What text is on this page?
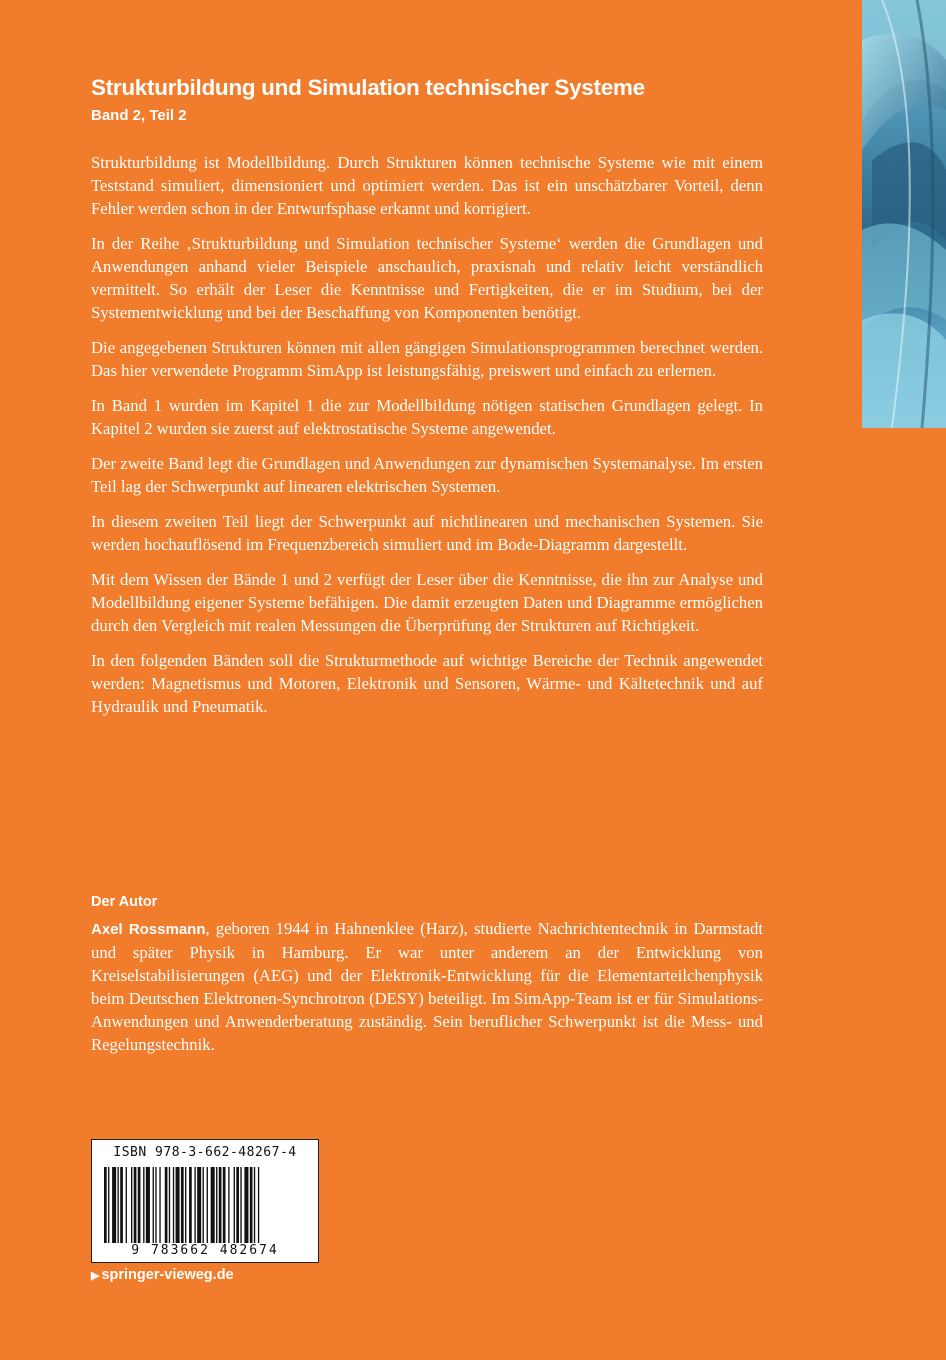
Strukturbildung und Simulation technischer Systeme
Band 2, Teil 2

Strukturbildung ist Modellbildung. Durch Strukturen können technische Systeme wie mit einem Teststand simuliert, dimensioniert und optimiert werden. Das ist ein unschätzbarer Vorteil, denn Fehler werden schon in der Entwurfsphase erkannt und korrigiert.

In der Reihe ‚Strukturbildung und Simulation technischer Systeme‘ werden die Grundlagen und Anwendungen anhand vieler Beispiele anschaulich, praxisnah und relativ leicht verständlich vermittelt. So erhält der Leser die Kenntnisse und Fertigkeiten, die er im Studium, bei der Systementwicklung und bei der Beschaffung von Komponenten benötigt.

Die angegebenen Strukturen können mit allen gängigen Simulationsprogrammen berechnet werden. Das hier verwendete Programm SimApp ist leistungsfähig, preiswert und einfach zu erlernen.

In Band 1 wurden im Kapitel 1 die zur Modellbildung nötigen statischen Grundlagen gelegt. In Kapitel 2 wurden sie zuerst auf elektrostatische Systeme angewendet.

Der zweite Band legt die Grundlagen und Anwendungen zur dynamischen Systemanalyse. Im ersten Teil lag der Schwerpunkt auf linearen elektrischen Systemen.

In diesem zweiten Teil liegt der Schwerpunkt auf nichtlinearen und mechanischen Systemen. Sie werden hochauflösend im Frequenzbereich simuliert und im Bode-Diagramm dargestellt.

Mit dem Wissen der Bände 1 und 2 verfügt der Leser über die Kenntnisse, die ihn zur Analyse und Modellbildung eigener Systeme befähigen. Die damit erzeugten Daten und Diagramme ermöglichen durch den Vergleich mit realen Messungen die Überprüfung der Strukturen auf Richtigkeit.

In den folgenden Bänden soll die Strukturmethode auf wichtige Bereiche der Technik angewendet werden: Magnetismus und Motoren, Elektronik und Sensoren, Wärme- und Kältetechnik und auf Hydraulik und Pneumatik.

Der Autor

Axel Rossmann, geboren 1944 in Hahnenklee (Harz), studierte Nachrichtentechnik in Darmstadt und später Physik in Hamburg. Er war unter anderem an der Entwicklung von Kreiselstabilisierungen (AEG) und der Elektronik-Entwicklung für die Elementarteilchenphysik beim Deutschen Elektronen-Synchrotron (DESY) beteiligt. Im SimApp-Team ist er für Simulations-Anwendungen und Anwenderberatung zuständig. Sein beruflicher Schwerpunkt ist die Mess- und Regelungstechnik.

ISBN 978-3-662-48267-4
9 783662 482674
▶ springer-vieweg.de
